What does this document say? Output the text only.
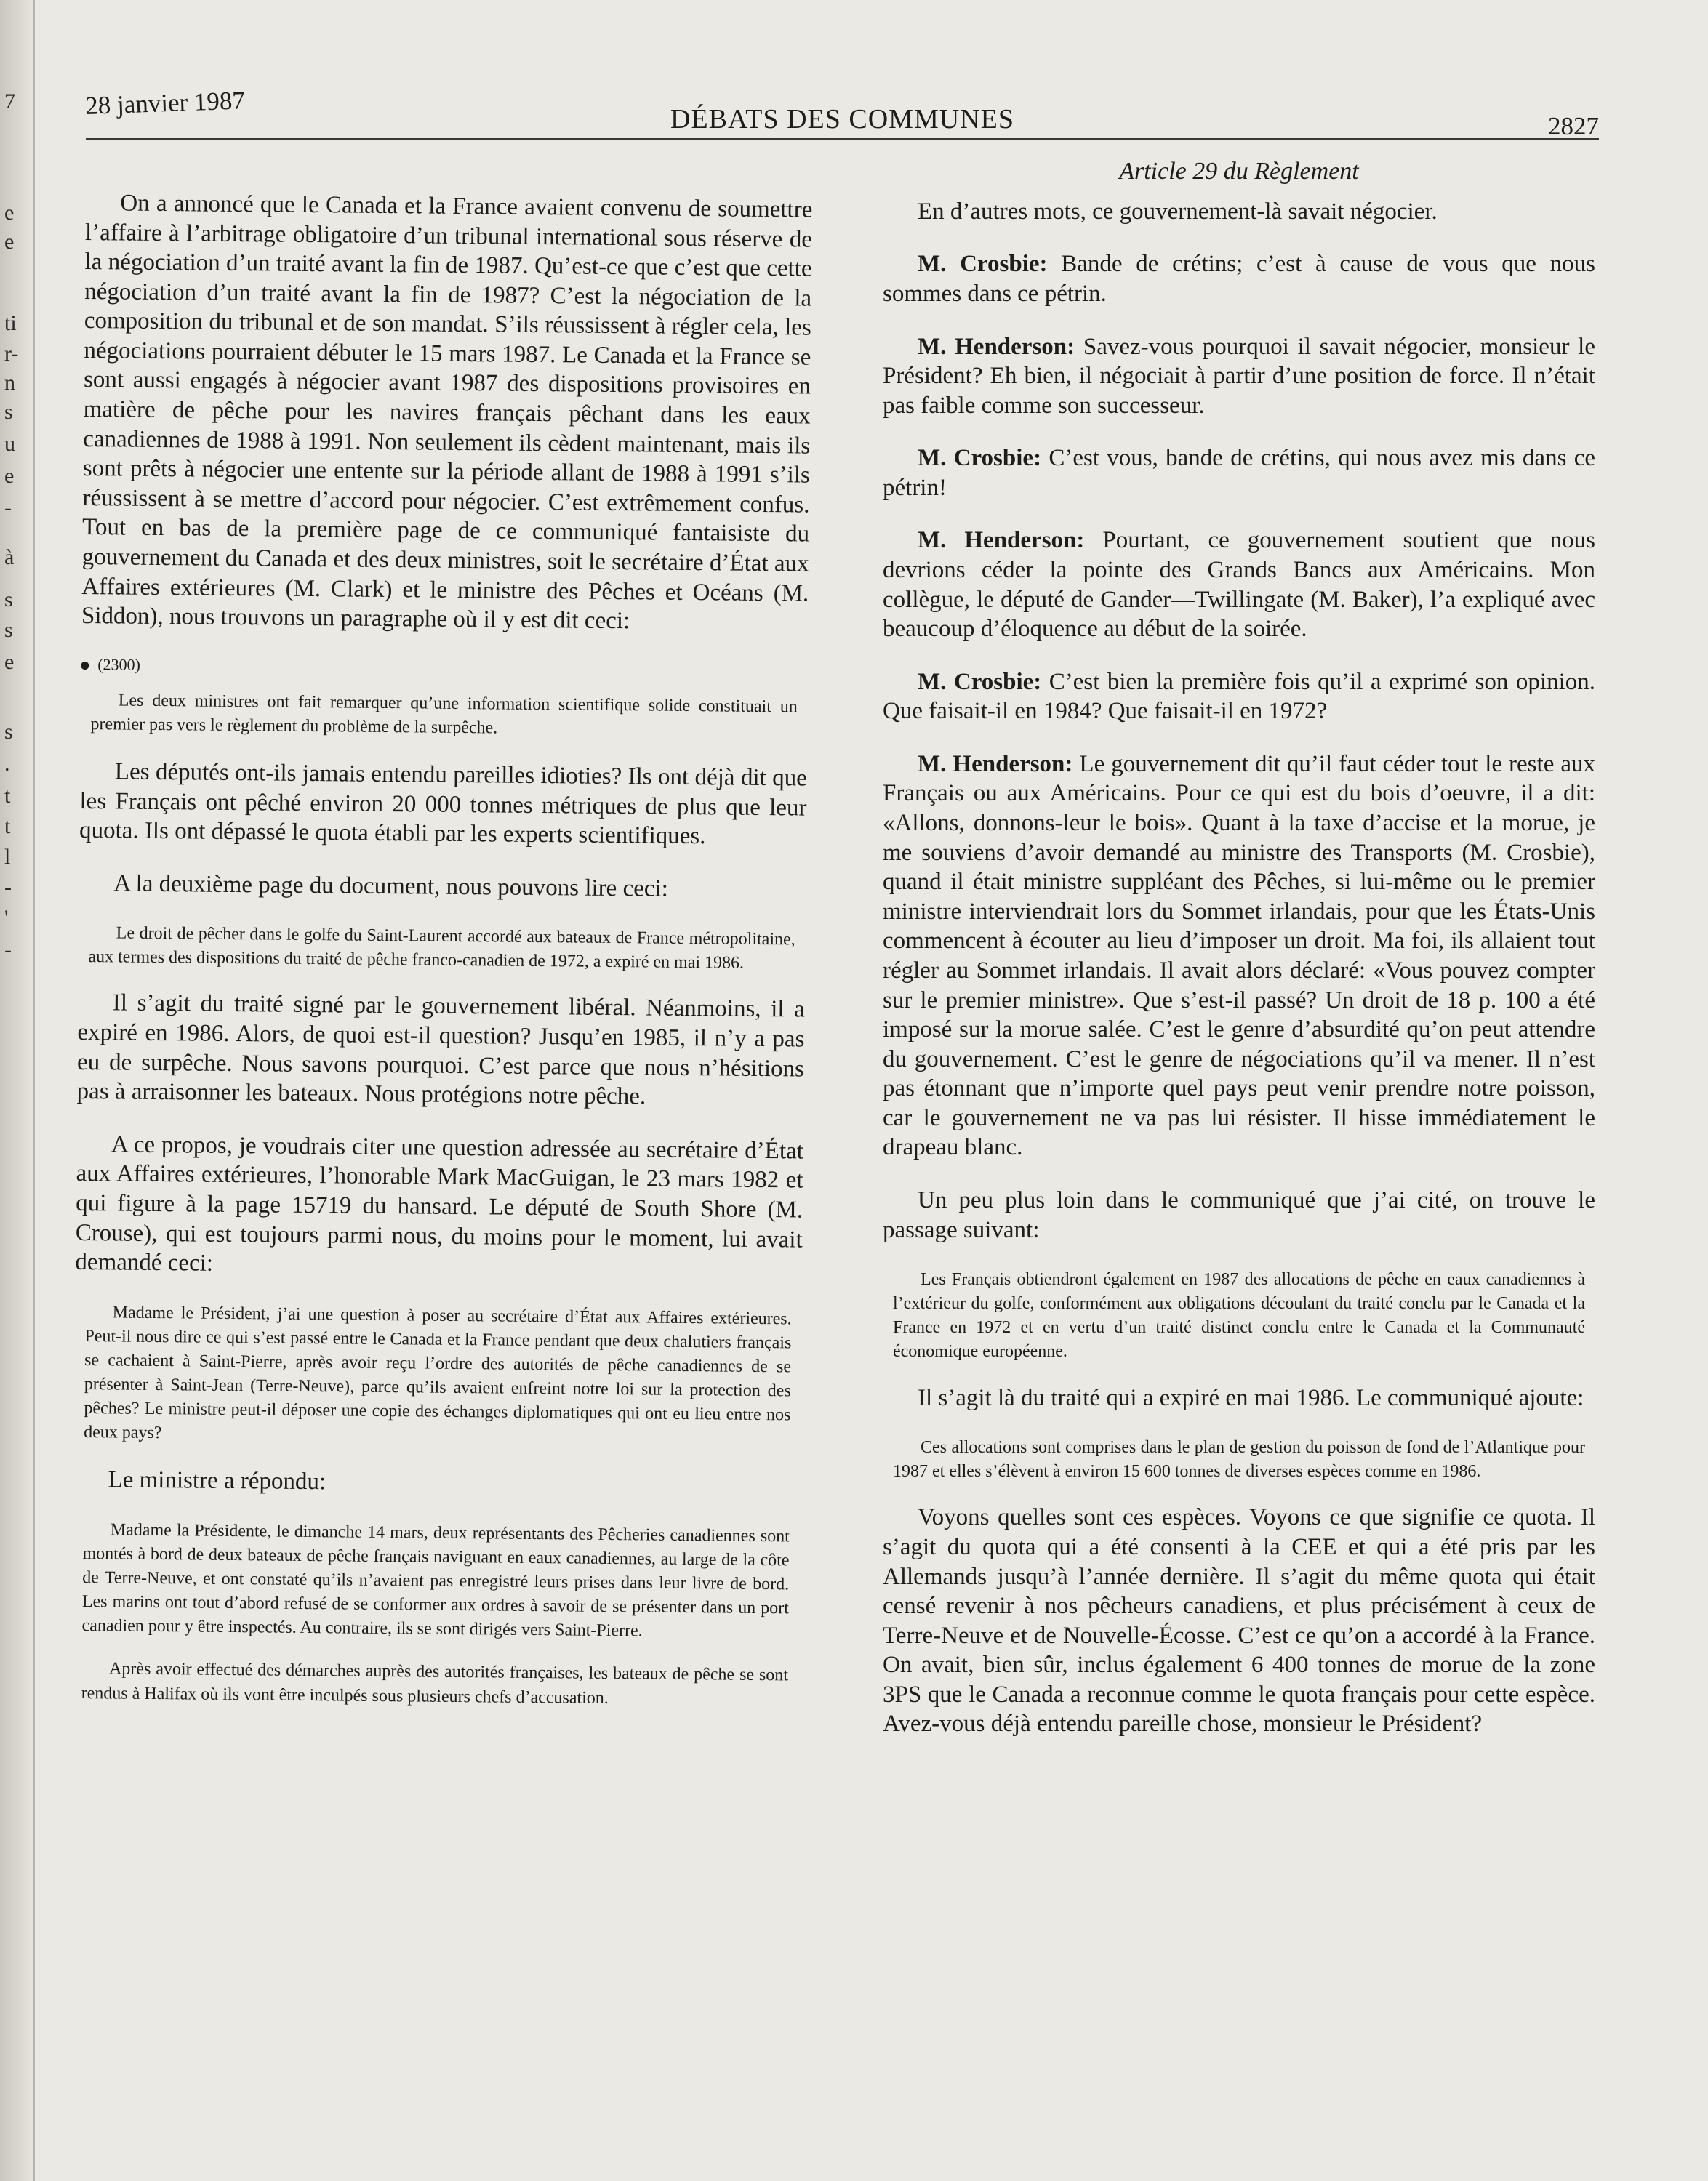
7
e
e
ti
r-
n
s
u
e
-
à
s
s
e
s
.
t
t
l
-
'
-
28 janvier 1987	DÉBATS DES COMMUNES	2827

On a annoncé que le Canada et la France avaient convenu de soumettre l’affaire à l’arbitrage obligatoire d’un tribunal international sous réserve de la négociation d’un traité avant la fin de 1987. Qu’est-ce que c’est que cette négociation d’un traité avant la fin de 1987? C’est la négociation de la composition du tribunal et de son mandat. S’ils réussissent à régler cela, les négociations pourraient débuter le 15 mars 1987. Le Canada et la France se sont aussi engagés à négocier avant 1987 des dispositions provisoires en matière de pêche pour les navires français pêchant dans les eaux canadiennes de 1988 à 1991. Non seulement ils cèdent maintenant, mais ils sont prêts à négocier une entente sur la période allant de 1988 à 1991 s’ils réussissent à se mettre d’accord pour négocier. C’est extrêmement confus. Tout en bas de la première page de ce communiqué fantaisiste du gouvernement du Canada et des deux ministres, soit le secrétaire d’État aux Affaires extérieures (M. Clark) et le ministre des Pêches et Océans (M. Siddon), nous trouvons un paragraphe où il y est dit ceci:

(2300)

Les deux ministres ont fait remarquer qu’une information scientifique solide constituait un premier pas vers le règlement du problème de la surpêche.

Les députés ont-ils jamais entendu pareilles idioties? Ils ont déjà dit que les Français ont pêché environ 20 000 tonnes métriques de plus que leur quota. Ils ont dépassé le quota établi par les experts scientifiques.

A la deuxième page du document, nous pouvons lire ceci:

Le droit de pêcher dans le golfe du Saint-Laurent accordé aux bateaux de France métropolitaine, aux termes des dispositions du traité de pêche franco-canadien de 1972, a expiré en mai 1986.

Il s’agit du traité signé par le gouvernement libéral. Néanmoins, il a expiré en 1986. Alors, de quoi est-il question? Jusqu’en 1985, il n’y a pas eu de surpêche. Nous savons pourquoi. C’est parce que nous n’hésitions pas à arraisonner les bateaux. Nous protégions notre pêche.

A ce propos, je voudrais citer une question adressée au secrétaire d’État aux Affaires extérieures, l’honorable Mark MacGuigan, le 23 mars 1982 et qui figure à la page 15719 du hansard. Le député de South Shore (M. Crouse), qui est toujours parmi nous, du moins pour le moment, lui avait demandé ceci:

Madame le Président, j’ai une question à poser au secrétaire d’État aux Affaires extérieures. Peut-il nous dire ce qui s’est passé entre le Canada et la France pendant que deux chalutiers français se cachaient à Saint-Pierre, après avoir reçu l’ordre des autorités de pêche canadiennes de se présenter à Saint-Jean (Terre-Neuve), parce qu’ils avaient enfreint notre loi sur la protection des pêches? Le ministre peut-il déposer une copie des échanges diplomatiques qui ont eu lieu entre nos deux pays?

Le ministre a répondu:

Madame la Présidente, le dimanche 14 mars, deux représentants des Pêcheries canadiennes sont montés à bord de deux bateaux de pêche français naviguant en eaux canadiennes, au large de la côte de Terre-Neuve, et ont constaté qu’ils n’avaient pas enregistré leurs prises dans leur livre de bord. Les marins ont tout d’abord refusé de se conformer aux ordres à savoir de se présenter dans un port canadien pour y être inspectés. Au contraire, ils se sont dirigés vers Saint-Pierre.

Après avoir effectué des démarches auprès des autorités françaises, les bateaux de pêche se sont rendus à Halifax où ils vont être inculpés sous plusieurs chefs d’accusation.

Article 29 du Règlement

En d’autres mots, ce gouvernement-là savait négocier.

M. Crosbie: Bande de crétins; c’est à cause de vous que nous sommes dans ce pétrin.

M. Henderson: Savez-vous pourquoi il savait négocier, monsieur le Président? Eh bien, il négociait à partir d’une position de force. Il n’était pas faible comme son successeur.

M. Crosbie: C’est vous, bande de crétins, qui nous avez mis dans ce pétrin!

M. Henderson: Pourtant, ce gouvernement soutient que nous devrions céder la pointe des Grands Bancs aux Américains. Mon collègue, le député de Gander—Twillingate (M. Baker), l’a expliqué avec beaucoup d’éloquence au début de la soirée.

M. Crosbie: C’est bien la première fois qu’il a exprimé son opinion. Que faisait-il en 1984? Que faisait-il en 1972?

M. Henderson: Le gouvernement dit qu’il faut céder tout le reste aux Français ou aux Américains. Pour ce qui est du bois d’oeuvre, il a dit: «Allons, donnons-leur le bois». Quant à la taxe d’accise et la morue, je me souviens d’avoir demandé au ministre des Transports (M. Crosbie), quand il était ministre suppléant des Pêches, si lui-même ou le premier ministre interviendrait lors du Sommet irlandais, pour que les États-Unis commencent à écouter au lieu d’imposer un droit. Ma foi, ils allaient tout régler au Sommet irlandais. Il avait alors déclaré: «Vous pouvez compter sur le premier ministre». Que s’est-il passé? Un droit de 18 p. 100 a été imposé sur la morue salée. C’est le genre d’absurdité qu’on peut attendre du gouvernement. C’est le genre de négociations qu’il va mener. Il n’est pas étonnant que n’importe quel pays peut venir prendre notre poisson, car le gouvernement ne va pas lui résister. Il hisse immédiatement le drapeau blanc.

Un peu plus loin dans le communiqué que j’ai cité, on trouve le passage suivant:

Les Français obtiendront également en 1987 des allocations de pêche en eaux canadiennes à l’extérieur du golfe, conformément aux obligations découlant du traité conclu par le Canada et la France en 1972 et en vertu d’un traité distinct conclu entre le Canada et la Communauté économique européenne.

Il s’agit là du traité qui a expiré en mai 1986. Le communiqué ajoute:

Ces allocations sont comprises dans le plan de gestion du poisson de fond de l’Atlantique pour 1987 et elles s’élèvent à environ 15 600 tonnes de diverses espèces comme en 1986.

Voyons quelles sont ces espèces. Voyons ce que signifie ce quota. Il s’agit du quota qui a été consenti à la CEE et qui a été pris par les Allemands jusqu’à l’année dernière. Il s’agit du même quota qui était censé revenir à nos pêcheurs canadiens, et plus précisément à ceux de Terre-Neuve et de Nouvelle-Écosse. C’est ce qu’on a accordé à la France. On avait, bien sûr, inclus également 6 400 tonnes de morue de la zone 3PS que le Canada a reconnue comme le quota français pour cette espèce. Avez-vous déjà entendu pareille chose, monsieur le Président?
